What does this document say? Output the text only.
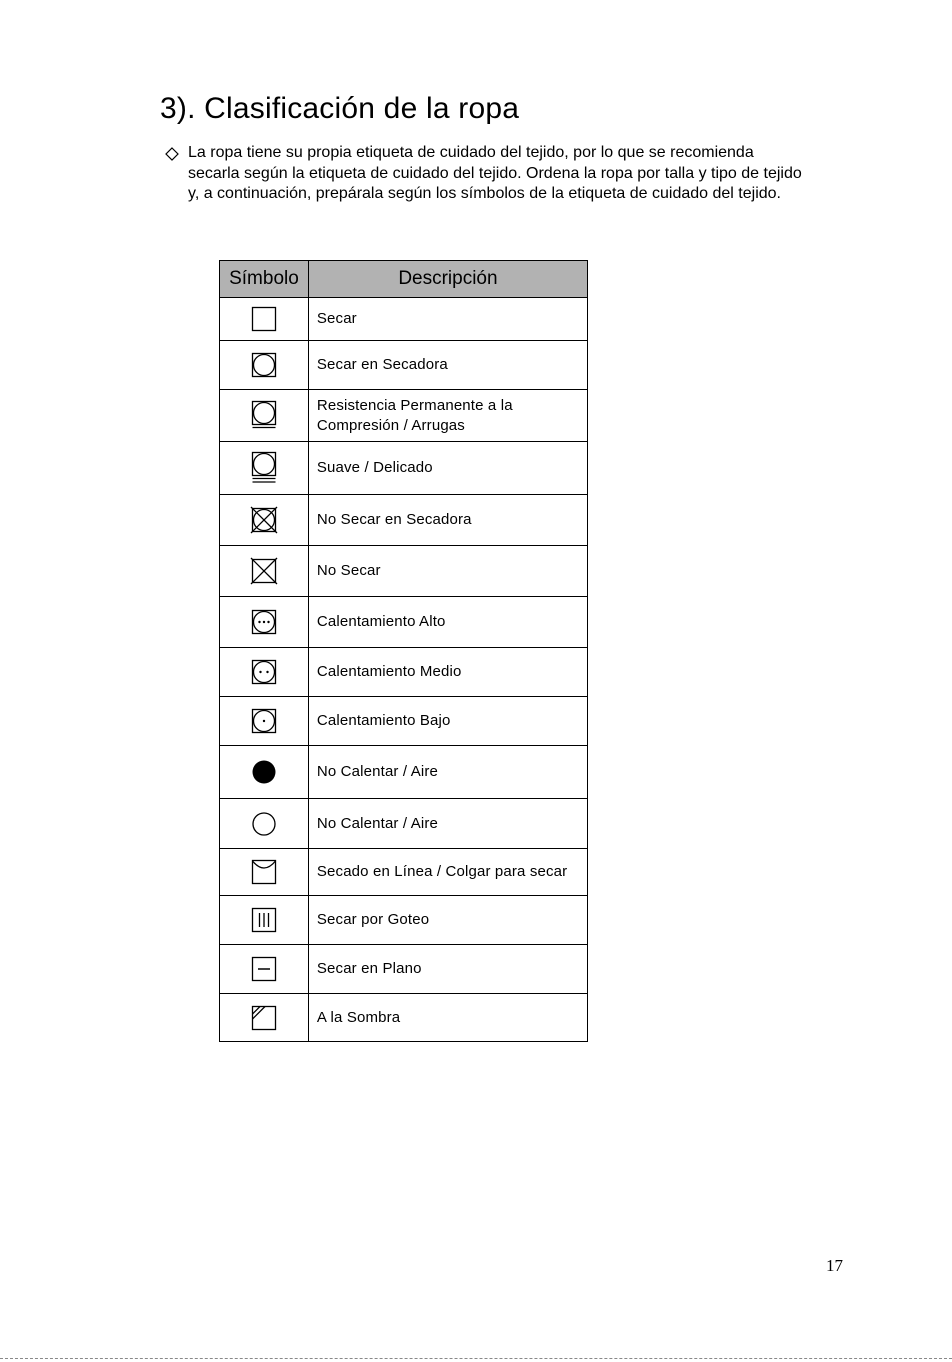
3). Clasificación de la ropa

La ropa tiene su propia etiqueta de cuidado del tejido, por lo que se recomienda secarla según la etiqueta de cuidado del tejido. Ordena la ropa por talla y tipo de tejido y, a continuación, prepárala según los símbolos de la etiqueta de cuidado del tejido.

Símbolo	Descripción

	Secar

	Secar en Secadora

	Resistencia Permanente a la Compresión / Arrugas

	Suave / Delicado

	No Secar en Secadora

	No Secar

	Calentamiento Alto

	Calentamiento Medio

	Calentamiento Bajo

	No Calentar / Aire

	No Calentar / Aire

	Secado en Línea / Colgar para secar

	Secar por Goteo

	Secar en Plano

	A la Sombra
17
